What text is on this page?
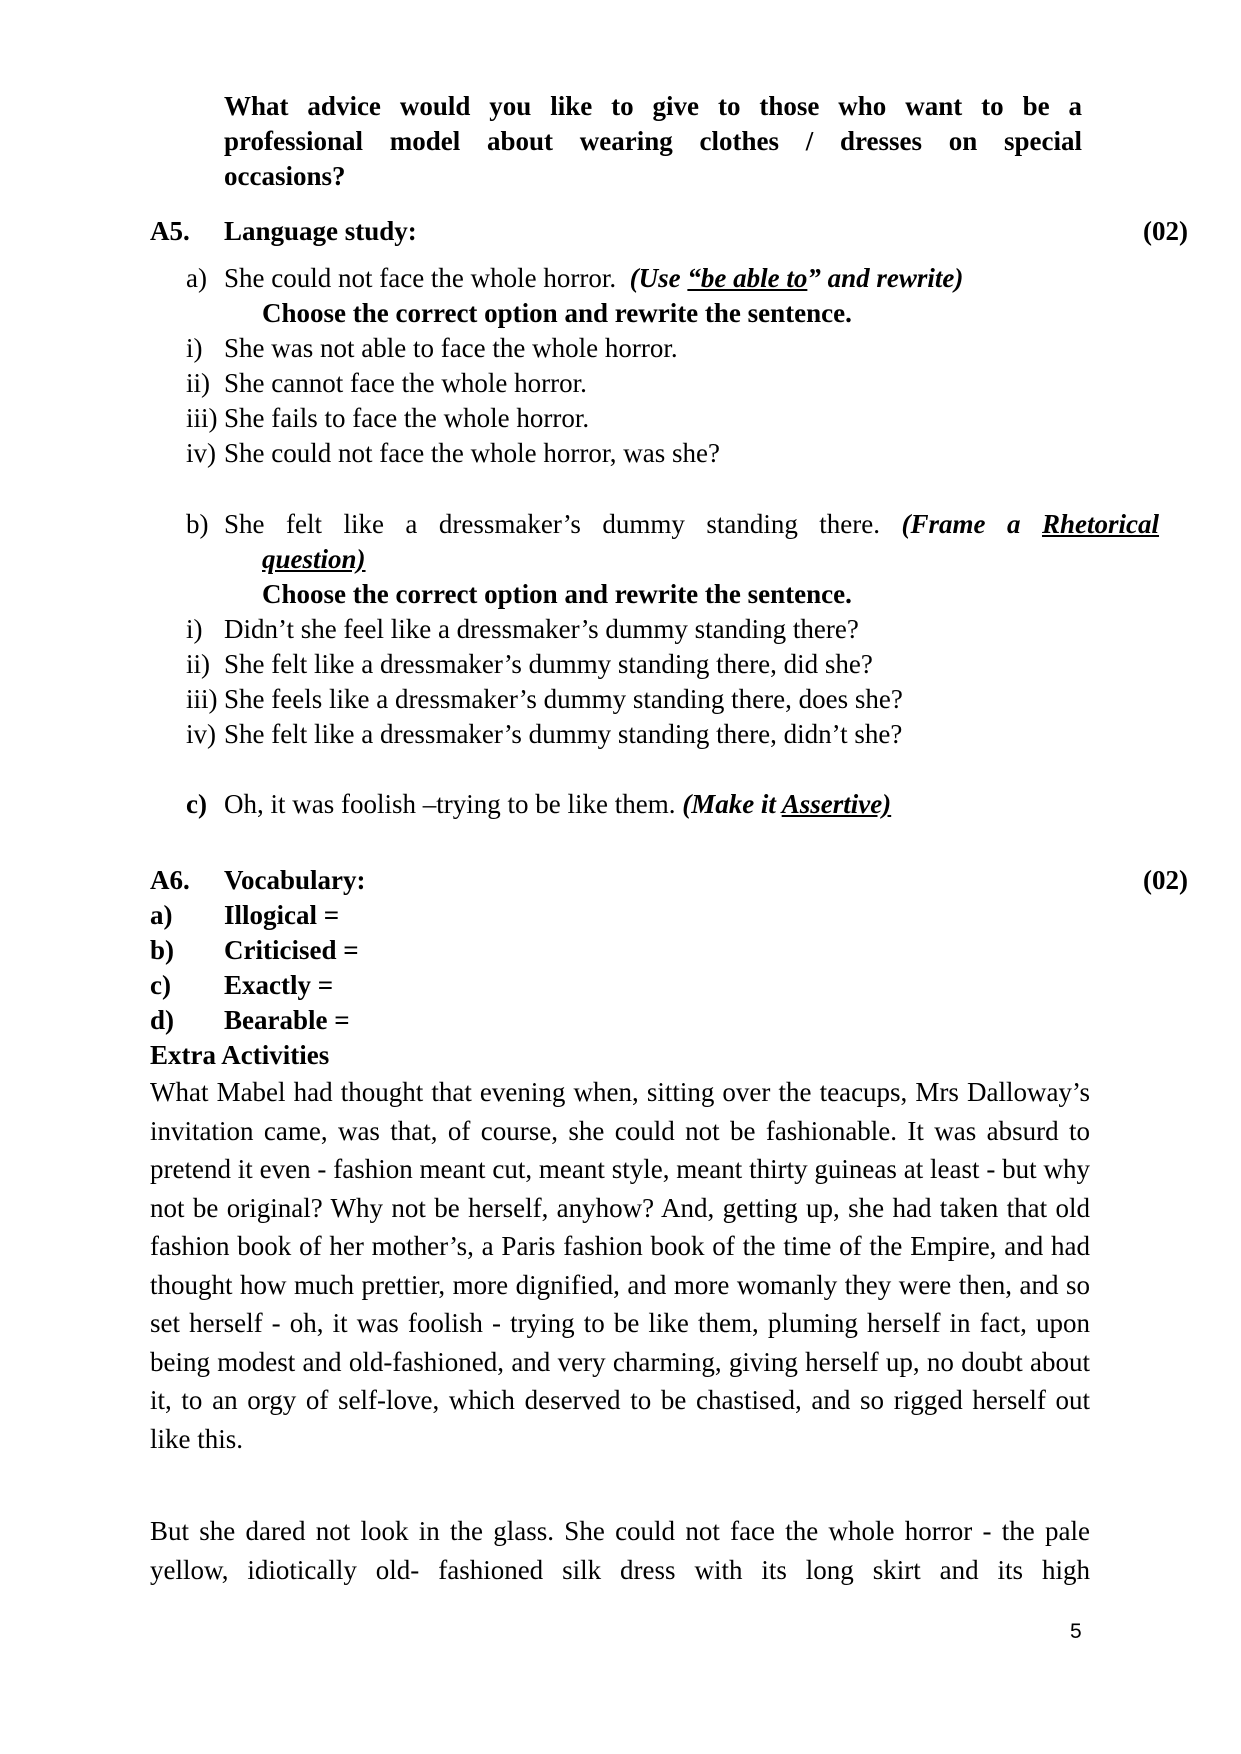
What advice would you like to give to those who want to be a
professional model about wearing clothes / dresses on special
occasions?
A5. Language study:	(02)
a) She could not face the whole horror. (Use “be able to” and rewrite)
Choose the correct option and rewrite the sentence.
i) She was not able to face the whole horror.
ii) She cannot face the whole horror.
iii) She fails to face the whole horror.
iv) She could not face the whole horror, was she?
b) She felt like a dressmaker’s dummy standing there. (Frame a Rhetorical
question)
Choose the correct option and rewrite the sentence.
i) Didn’t she feel like a dressmaker’s dummy standing there?
ii) She felt like a dressmaker’s dummy standing there, did she?
iii) She feels like a dressmaker’s dummy standing there, does she?
iv) She felt like a dressmaker’s dummy standing there, didn’t she?
c) Oh, it was foolish –trying to be like them. (Make it Assertive)
A6. Vocabulary:	(02)
a) Illogical =
b) Criticised =
c) Exactly =
d) Bearable =
Extra Activities
What Mabel had thought that evening when, sitting over the teacups, Mrs Dalloway’s invitation came, was that, of course, she could not be fashionable. It was absurd to pretend it even - fashion meant cut, meant style, meant thirty guineas at least - but why not be original? Why not be herself, anyhow? And, getting up, she had taken that old fashion book of her mother’s, a Paris fashion book of the time of the Empire, and had thought how much prettier, more dignified, and more womanly they were then, and so set herself - oh, it was foolish - trying to be like them, pluming herself in fact, upon being modest and old-fashioned, and very charming, giving herself up, no doubt about it, to an orgy of self-love, which deserved to be chastised, and so rigged herself out like this.
But she dared not look in the glass. She could not face the whole horror - the pale yellow, idiotically old- fashioned silk dress with its long skirt and its high
5
